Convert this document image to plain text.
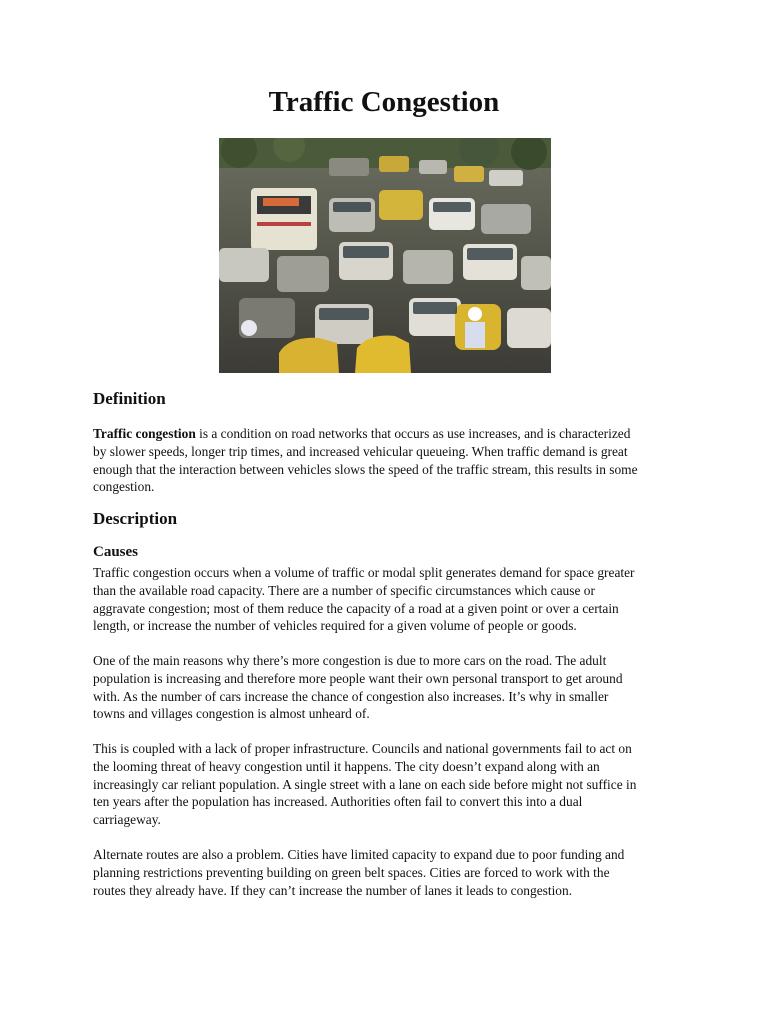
Traffic Congestion
Definition

Traffic congestion is a condition on road networks that occurs as use increases, and is characterized
by slower speeds, longer trip times, and increased vehicular queueing. When traffic demand is great
enough that the interaction between vehicles slows the speed of the traffic stream, this results in some
congestion.

Description
Causes

Traffic congestion occurs when a volume of traffic or modal split generates demand for space greater
than the available road capacity. There are a number of specific circumstances which cause or
aggravate congestion; most of them reduce the capacity of a road at a given point or over a certain
length, or increase the number of vehicles required for a given volume of people or goods.

One of the main reasons why there’s more congestion is due to more cars on the road. The adult
population is increasing and therefore more people want their own personal transport to get around
with. As the number of cars increase the chance of congestion also increases. It’s why in smaller
towns and villages congestion is almost unheard of.

This is coupled with a lack of proper infrastructure. Councils and national governments fail to act on
the looming threat of heavy congestion until it happens. The city doesn’t expand along with an
increasingly car reliant population. A single street with a lane on each side before might not suffice in
ten years after the population has increased. Authorities often fail to convert this into a dual
carriageway.

Alternate routes are also a problem. Cities have limited capacity to expand due to poor funding and
planning restrictions preventing building on green belt spaces. Cities are forced to work with the
routes they already have. If they can’t increase the number of lanes it leads to congestion.
